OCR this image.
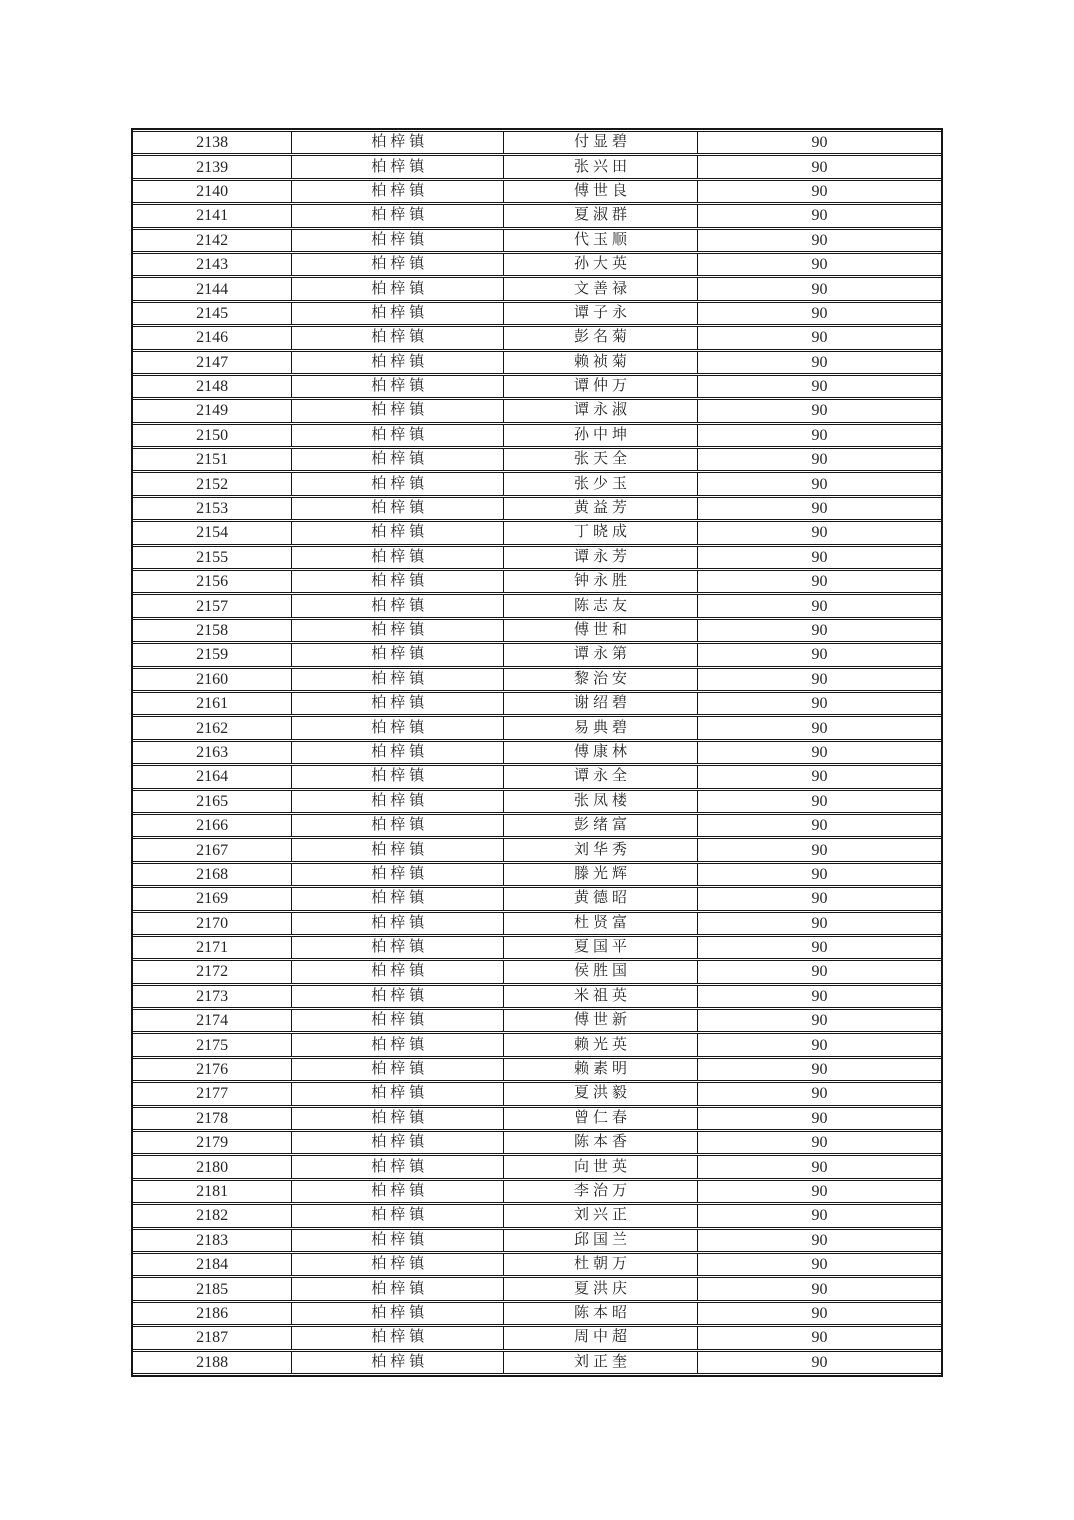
2138	柏梓镇	付显碧	90
2139	柏梓镇	张兴田	90
2140	柏梓镇	傅世良	90
2141	柏梓镇	夏淑群	90
2142	柏梓镇	代玉顺	90
2143	柏梓镇	孙大英	90
2144	柏梓镇	文善禄	90
2145	柏梓镇	谭子永	90
2146	柏梓镇	彭名菊	90
2147	柏梓镇	赖祯菊	90
2148	柏梓镇	谭仲万	90
2149	柏梓镇	谭永淑	90
2150	柏梓镇	孙中坤	90
2151	柏梓镇	张天全	90
2152	柏梓镇	张少玉	90
2153	柏梓镇	黄益芳	90
2154	柏梓镇	丁晓成	90
2155	柏梓镇	谭永芳	90
2156	柏梓镇	钟永胜	90
2157	柏梓镇	陈志友	90
2158	柏梓镇	傅世和	90
2159	柏梓镇	谭永第	90
2160	柏梓镇	黎治安	90
2161	柏梓镇	谢绍碧	90
2162	柏梓镇	易典碧	90
2163	柏梓镇	傅康林	90
2164	柏梓镇	谭永全	90
2165	柏梓镇	张凤楼	90
2166	柏梓镇	彭绪富	90
2167	柏梓镇	刘华秀	90
2168	柏梓镇	滕光辉	90
2169	柏梓镇	黄德昭	90
2170	柏梓镇	杜贤富	90
2171	柏梓镇	夏国平	90
2172	柏梓镇	侯胜国	90
2173	柏梓镇	米祖英	90
2174	柏梓镇	傅世新	90
2175	柏梓镇	赖光英	90
2176	柏梓镇	赖素明	90
2177	柏梓镇	夏洪毅	90
2178	柏梓镇	曾仁春	90
2179	柏梓镇	陈本香	90
2180	柏梓镇	向世英	90
2181	柏梓镇	李治万	90
2182	柏梓镇	刘兴正	90
2183	柏梓镇	邱国兰	90
2184	柏梓镇	杜朝万	90
2185	柏梓镇	夏洪庆	90
2186	柏梓镇	陈本昭	90
2187	柏梓镇	周中超	90
2188	柏梓镇	刘正奎	90
